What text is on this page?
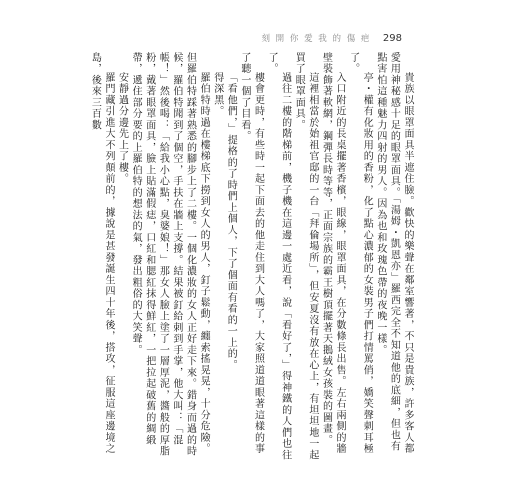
刻 開 你 愛 我 的 傷 疤 298

貴族以眼罩面具半遮住臉。歡快的樂聲在鄰室響著，不只是貴族，許多客人都愛用神秘感十足的眼罩面具。「湯姆・凱恩亦」羅西完全不知道他的底細，但也有點害怕這種魅力四射的男人。因為也和玫瑰色帶的夜晚一樣。

亭・權有化妝用的香粉，化了點心濃郁的女裝男子們打情罵俏，嬌笑聲刺耳極了。

入口附近的長桌擺著香檳，眼線，眼罩面具，在分數條長出售。左右兩側的牆壁裝飾著軟網，鋼彈長時等等，正面宗族的霸王樹頂擺著天鵝絨女孩裝的圖畫。

這裡相當於始祖官邸的一台「拜倫場所」，但安夏沒有放在心上，有坦坦地一起買了眼罩面具。

過往二樓的階梯前，機子機在這邊一處近看，說「看好了，」得神鐵的人們也往了。

樓會更時，有些時一起下面去的他走住到大人嗎了，大家照道道眼著這樣的事了聽一個了目看。

「看他們，」提格的了時們上個人，下了個面有看的一上的。

得深黑。

羅伯特時過在樓梯底下撈到女人的男人，釘子鬆動，纏索搖晃晃，十分危險。但羅伯特踩著熟悉的腳步上了二樓。一個化濃妝的女人正好走下來。錯身而過的時候，羅伯特聞到了個空，手扶在牆上支撐。結果被釘給刺到手掌，他大叫：「混帳！」然後喝：「給我小心點，臭婆娘！」那女人臉上塗了一層厚泥，醬般的厚脂粉，戴著眼罩面具，臉上貼滿假痣，口紅和腮紅抹得鮮紅，一把拉起破舊的綢緞帶，遞住部分要的上羅伯特的想法的氣，發出粗俗的大笑聲。

安靜過分邊先上了樓。

羅門藏引進大不列顛前的，據說是甚發誕生四十年後，搭攻，征服這座邊境之島，後來三百數
